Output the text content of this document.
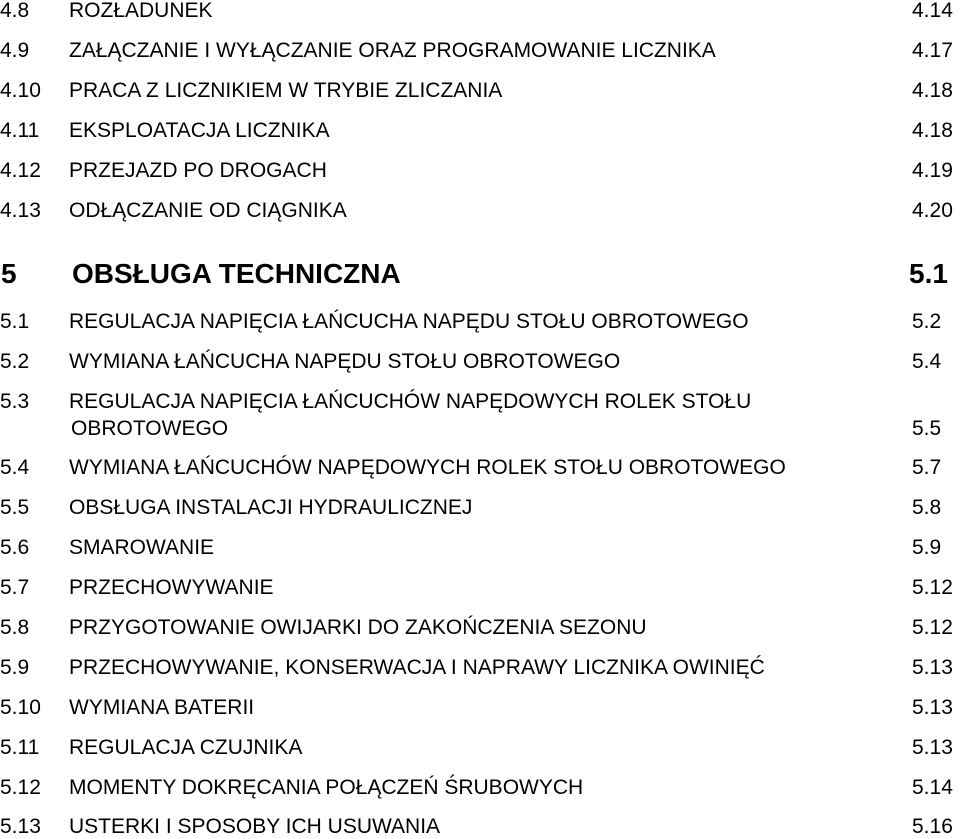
4.8 ROZŁADUNEK	4.14
4.9 ZAŁĄCZANIE I WYŁĄCZANIE ORAZ PROGRAMOWANIE LICZNIKA	4.17
4.10 PRACA Z LICZNIKIEM W TRYBIE ZLICZANIA	4.18
4.11 EKSPLOATACJA LICZNIKA	4.18
4.12 PRZEJAZD PO DROGACH	4.19
4.13 ODŁĄCZANIE OD CIĄGNIKA	4.20
5 OBSŁUGA TECHNICZNA	5.1
5.1 REGULACJA NAPIĘCIA ŁAŃCUCHA NAPĘDU STOŁU OBROTOWEGO	5.2
5.2 WYMIANA ŁAŃCUCHA NAPĘDU STOŁU OBROTOWEGO	5.4
5.3 REGULACJA NAPIĘCIA ŁAŃCUCHÓW NAPĘDOWYCH ROLEK STOŁU
OBROTOWEGO	5.5
5.4 WYMIANA ŁAŃCUCHÓW NAPĘDOWYCH ROLEK STOŁU OBROTOWEGO	5.7
5.5 OBSŁUGA INSTALACJI HYDRAULICZNEJ	5.8
5.6 SMAROWANIE	5.9
5.7 PRZECHOWYWANIE	5.12
5.8 PRZYGOTOWANIE OWIJARKI DO ZAKOŃCZENIA SEZONU	5.12
5.9 PRZECHOWYWANIE, KONSERWACJA I NAPRAWY LICZNIKA OWINIĘĆ	5.13
5.10 WYMIANA BATERII	5.13
5.11 REGULACJA CZUJNIKA	5.13
5.12 MOMENTY DOKRĘCANIA POŁĄCZEŃ ŚRUBOWYCH	5.14
5.13 USTERKI I SPOSOBY ICH USUWANIA	5.16
